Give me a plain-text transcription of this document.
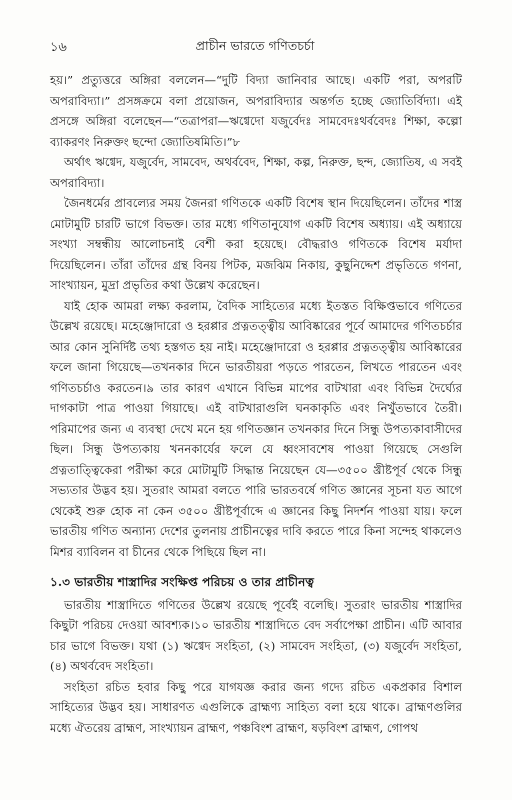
১৬	প্রাচীন ভারতে গণিতচর্চা

হয়।” প্রত্যুত্তরে অঙ্গিরা বললেন—“দুটি বিদ্যা জানিবার আছে। একটি পরা, অপরটি অপরাবিদ্যা।” প্রসঙ্গক্রমে বলা প্রয়োজন, অপরাবিদ্যার অন্তর্গত হচ্ছে জ্যোতির্বিদ্যা। এই প্রসঙ্গে অঙ্গিরা বলেছেন—“তত্রাপরা—ঋগ্বেদো যজুর্বেদঃ সামবেদঃথর্ববেদঃ শিক্ষা, কল্পো ব্যাকরণং নিরুক্তং ছন্দো জ্যোতিষমিতি।”৮

অর্থাৎ ঋগ্বেদ, যজুর্বেদ, সামবেদ, অথর্ববেদ, শিক্ষা, কল্প, নিরুক্ত, ছন্দ, জ্যোতিষ, এ সবই অপরাবিদ্যা।

জৈনধর্মের প্রাবল্যের সময় জৈনরা গণিতকে একটি বিশেষ স্থান দিয়েছিলেন। তাঁদের শাস্ত্র মোটামুটি চারটি ভাগে বিভক্ত। তার মধ্যে গণিতানুযোগ একটি বিশেষ অধ্যায়। এই অধ্যায়ে সংখ্যা সম্বন্ধীয় আলোচনাই বেশী করা হয়েছে। বৌদ্ধরাও গণিতকে বিশেষ মর্যাদা দিয়েছিলেন। তাঁরা তাঁদের গ্রন্থ বিনয় পিটক, মজঝিম নিকায়, কুছুনিদ্দেশ প্রভৃতিতে গণনা, সাংখ্যায়ন, মুদ্রা প্রভৃতির কথা উল্লেখ করেছেন।

যাই হোক আমরা লক্ষ্য করলাম, বৈদিক সাহিত্যের মধ্যে ইতস্তত বিক্ষিপ্তভাবে গণিতের উল্লেখ রয়েছে। মহেঞ্জোদারো ও হরপ্পার প্রত্নতত্ত্বীয় আবিষ্কারের পূর্বে আমাদের গণিতচর্চার আর কোন সুনির্দিষ্ট তথ্য হস্তগত হয় নাই। মহেঞ্জোদারো ও হরপ্পার প্রত্নতত্ত্বীয় আবিষ্কারের ফলে জানা গিয়েছে—তখনকার দিনে ভারতীয়রা পড়তে পারতেন, লিখতে পারতেন এবং গণিতচর্চাও করতেন।৯ তার কারণ এখানে বিভিন্ন মাপের বাটখারা এবং বিভিন্ন দৈর্ঘ্যের দাগকাটা পাত্র পাওয়া গিয়াছে। এই বাটখারাগুলি ঘনকাকৃতি এবং নিখুঁতভাবে তৈরী। পরিমাপের জন্য এ ব্যবস্থা দেখে মনে হয় গণিতজ্ঞান তখনকার দিনে সিন্ধু উপত্যকাবাসীদের ছিল। সিন্ধু উপত্যকায় খননকার্যের ফলে যে ধ্বংসাবশেষ পাওয়া গিয়েছে সেগুলি প্রত্নতাত্ত্বিকেরা পরীক্ষা করে মোটামুটি সিদ্ধান্ত নিয়েছেন যে—৩৫০০ খ্রীষ্টপূর্ব থেকে সিন্ধু সভ্যতার উদ্ভব হয়। সুতরাং আমরা বলতে পারি ভারতবর্ষে গণিত জ্ঞানের সূচনা যত আগে থেকেই শুরু হোক না কেন ৩৫০০ খ্রীষ্টপূর্বাব্দে এ জ্ঞানের কিছু নিদর্শন পাওয়া যায়। ফলে ভারতীয় গণিত অন্যান্য দেশের তুলনায় প্রাচীনত্বের দাবি করতে পারে কিনা সন্দেহ থাকলেও মিশর ব্যাবিলন বা চীনের থেকে পিছিয়ে ছিল না।

১.৩ ভারতীয় শাস্ত্রাদির সংক্ষিপ্ত পরিচয় ও তার প্রাচীনত্ব

ভারতীয় শাস্ত্রাদিতে গণিতের উল্লেখ রয়েছে পূর্বেই বলেছি। সুতরাং ভারতীয় শাস্ত্রাদির কিছুটা পরিচয় দেওয়া আবশ্যক।১০ ভারতীয় শাস্ত্রাদিতে বেদ সর্বাপেক্ষা প্রাচীন। এটি আবার চার ভাগে বিভক্ত। যথা (১) ঋগ্বেদ সংহিতা, (২) সামবেদ সংহিতা, (৩) যজুর্বেদ সংহিতা, (৪) অথর্ববেদ সংহিতা।

সংহিতা রচিত হবার কিছু পরে যাগযজ্ঞ করার জন্য গদ্যে রচিত একপ্রকার বিশাল সাহিত্যের উদ্ভব হয়। সাধারণত এগুলিকে ব্রাহ্মণ্য সাহিত্য বলা হয়ে থাকে। ব্রাহ্মণগুলির মধ্যে ঐতরেয় ব্রাহ্মণ, সাংখ্যায়ন ব্রাহ্মণ, পঞ্চবিংশ ব্রাহ্মণ, ষড়বিংশ ব্রাহ্মণ, গোপথ
